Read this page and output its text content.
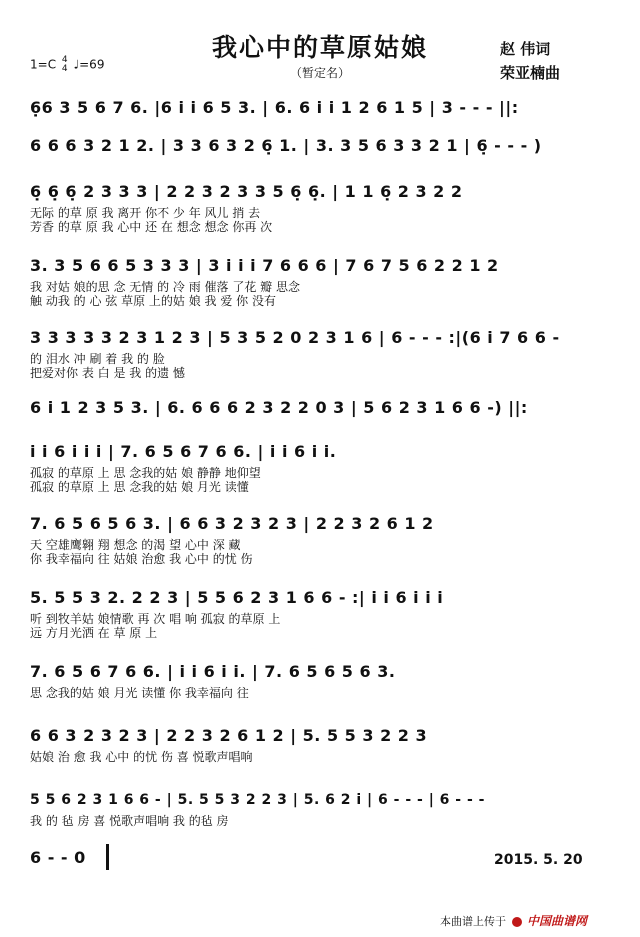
我心中的草原姑娘
（暂定名）
1=C 4
4 ♩=69
赵 伟词
荣亚楠曲
6̣6 3 5 6 7 6. |6 i i 6 5 3. | 6. 6 i i 1 2 6 1 5 | 3 - - - ||:
6 6 6 3 2 1 2. | 3 3 6 3 2 6̣ 1. | 3. 3 5 6 3 3 2 1 | 6̣ - - - )
6̣ 6̣ 6̣ 2 3 3 3 | 2 2 3 2 3 3 5 6̣ 6̣. | 1 1 6̣ 2 3 2 2
无际 的草 原 我 离开 你不 少 年 风儿 捎 去
芳香 的草 原 我 心中 还 在 想念 想念 你再 次
3. 3 5 6 6 5 3 3 3 | 3 i i i 7 6 6 6 | 7 6 7 5 6 2 2 1 2
我 对姑 娘的思 念 无情 的 冷 雨 催落 了花 瓣 思念
触 动我 的 心 弦 草原 上的姑 娘 我 爱 你 没有
3 3 3 3 3 2 3 1 2 3 | 5 3 5 2 0 2 3 1 6 | 6 - - - :|(6 i 7 6 6 -
的 泪水 冲 刷 着 我 的 脸
把爱对你 表 白 是 我 的遗 憾
6 i 1 2 3 5 3. | 6. 6 6 6 2 3 2 2 0 3 | 5 6 2 3 1 6 6 -) ||:
i i 6 i i i | 7. 6 5 6 7 6 6. | i i 6 i i.
孤寂 的草原 上 思 念我的姑 娘 静静 地仰望
孤寂 的草原 上 思 念我的姑 娘 月光 读懂
7. 6 5 6 5 6 3. | 6 6 3 2 3 2 3 | 2 2 3 2 6 1 2
天 空雄鹰翱 翔 想念 的渴 望 心中 深 藏
你 我幸福向 往 姑娘 治愈 我 心中 的忧 伤
5. 5 5 3 2. 2 2 3 | 5 5 6 2 3 1 6 6 - :| i i 6 i i i
听 到牧羊姑 娘情歌 再 次 唱 响 孤寂 的草原 上
远 方月光洒 在 草 原 上
7. 6 5 6 7 6 6. | i i 6 i i. | 7. 6 5 6 5 6 3.
思 念我的姑 娘 月光 读懂 你 我幸福向 往
6 6 3 2 3 2 3 | 2 2 3 2 6 1 2 | 5. 5 5 3 2 2 3
姑娘 治 愈 我 心中 的忧 伤 喜 悦歌声唱响
5 5 6 2 3 1 6 6 - | 5. 5 5 3 2 2 3 | 5. 6 2 i | 6 - - - | 6 - - -
我 的 毡 房 喜 悦歌声唱响 我 的毡 房
6 - - 0	2015. 5. 20
本曲谱上传于 中国曲谱网
